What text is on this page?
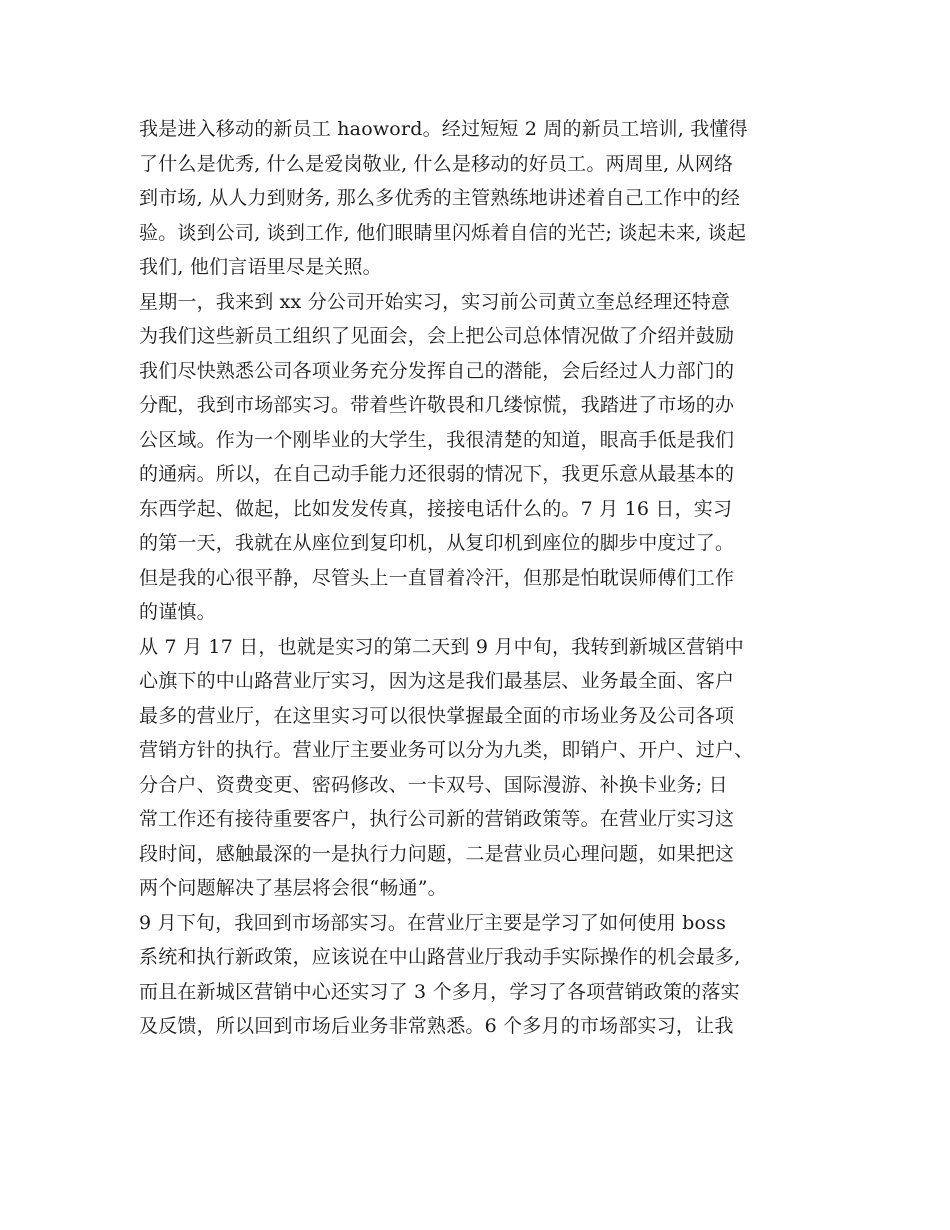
我是进入移动的新员工 haoword。经过短短 2 周的新员工培训, 我懂得
了什么是优秀, 什么是爱岗敬业, 什么是移动的好员工。两周里, 从网络
到市场, 从人力到财务, 那么多优秀的主管熟练地讲述着自己工作中的经
验。谈到公司, 谈到工作, 他们眼睛里闪烁着自信的光芒; 谈起未来, 谈起
我们, 他们言语里尽是关照。
星期一，我来到 xx 分公司开始实习，实习前公司黄立奎总经理还特意
为我们这些新员工组织了见面会，会上把公司总体情况做了介绍并鼓励
我们尽快熟悉公司各项业务充分发挥自己的潜能，会后经过人力部门的
分配，我到市场部实习。带着些许敬畏和几缕惊慌，我踏进了市场的办
公区域。作为一个刚毕业的大学生，我很清楚的知道，眼高手低是我们
的通病。所以，在自己动手能力还很弱的情况下，我更乐意从最基本的
东西学起、做起，比如发发传真，接接电话什么的。7 月 16 日，实习
的第一天，我就在从座位到复印机，从复印机到座位的脚步中度过了。
但是我的心很平静，尽管头上一直冒着冷汗，但那是怕耽误师傅们工作
的谨慎。
从 7 月 17 日，也就是实习的第二天到 9 月中旬，我转到新城区营销中
心旗下的中山路营业厅实习，因为这是我们最基层、业务最全面、客户
最多的营业厅，在这里实习可以很快掌握最全面的市场业务及公司各项
营销方针的执行。营业厅主要业务可以分为九类，即销户、开户、过户、
分合户、资费变更、密码修改、一卡双号、国际漫游、补换卡业务; 日
常工作还有接待重要客户，执行公司新的营销政策等。在营业厅实习这
段时间，感触最深的一是执行力问题，二是营业员心理问题，如果把这
两个问题解决了基层将会很“畅通”。
9 月下旬，我回到市场部实习。在营业厅主要是学习了如何使用 boss
系统和执行新政策，应该说在中山路营业厅我动手实际操作的机会最多,
而且在新城区营销中心还实习了 3 个多月，学习了各项营销政策的落实
及反馈，所以回到市场后业务非常熟悉。6 个多月的市场部实习，让我
